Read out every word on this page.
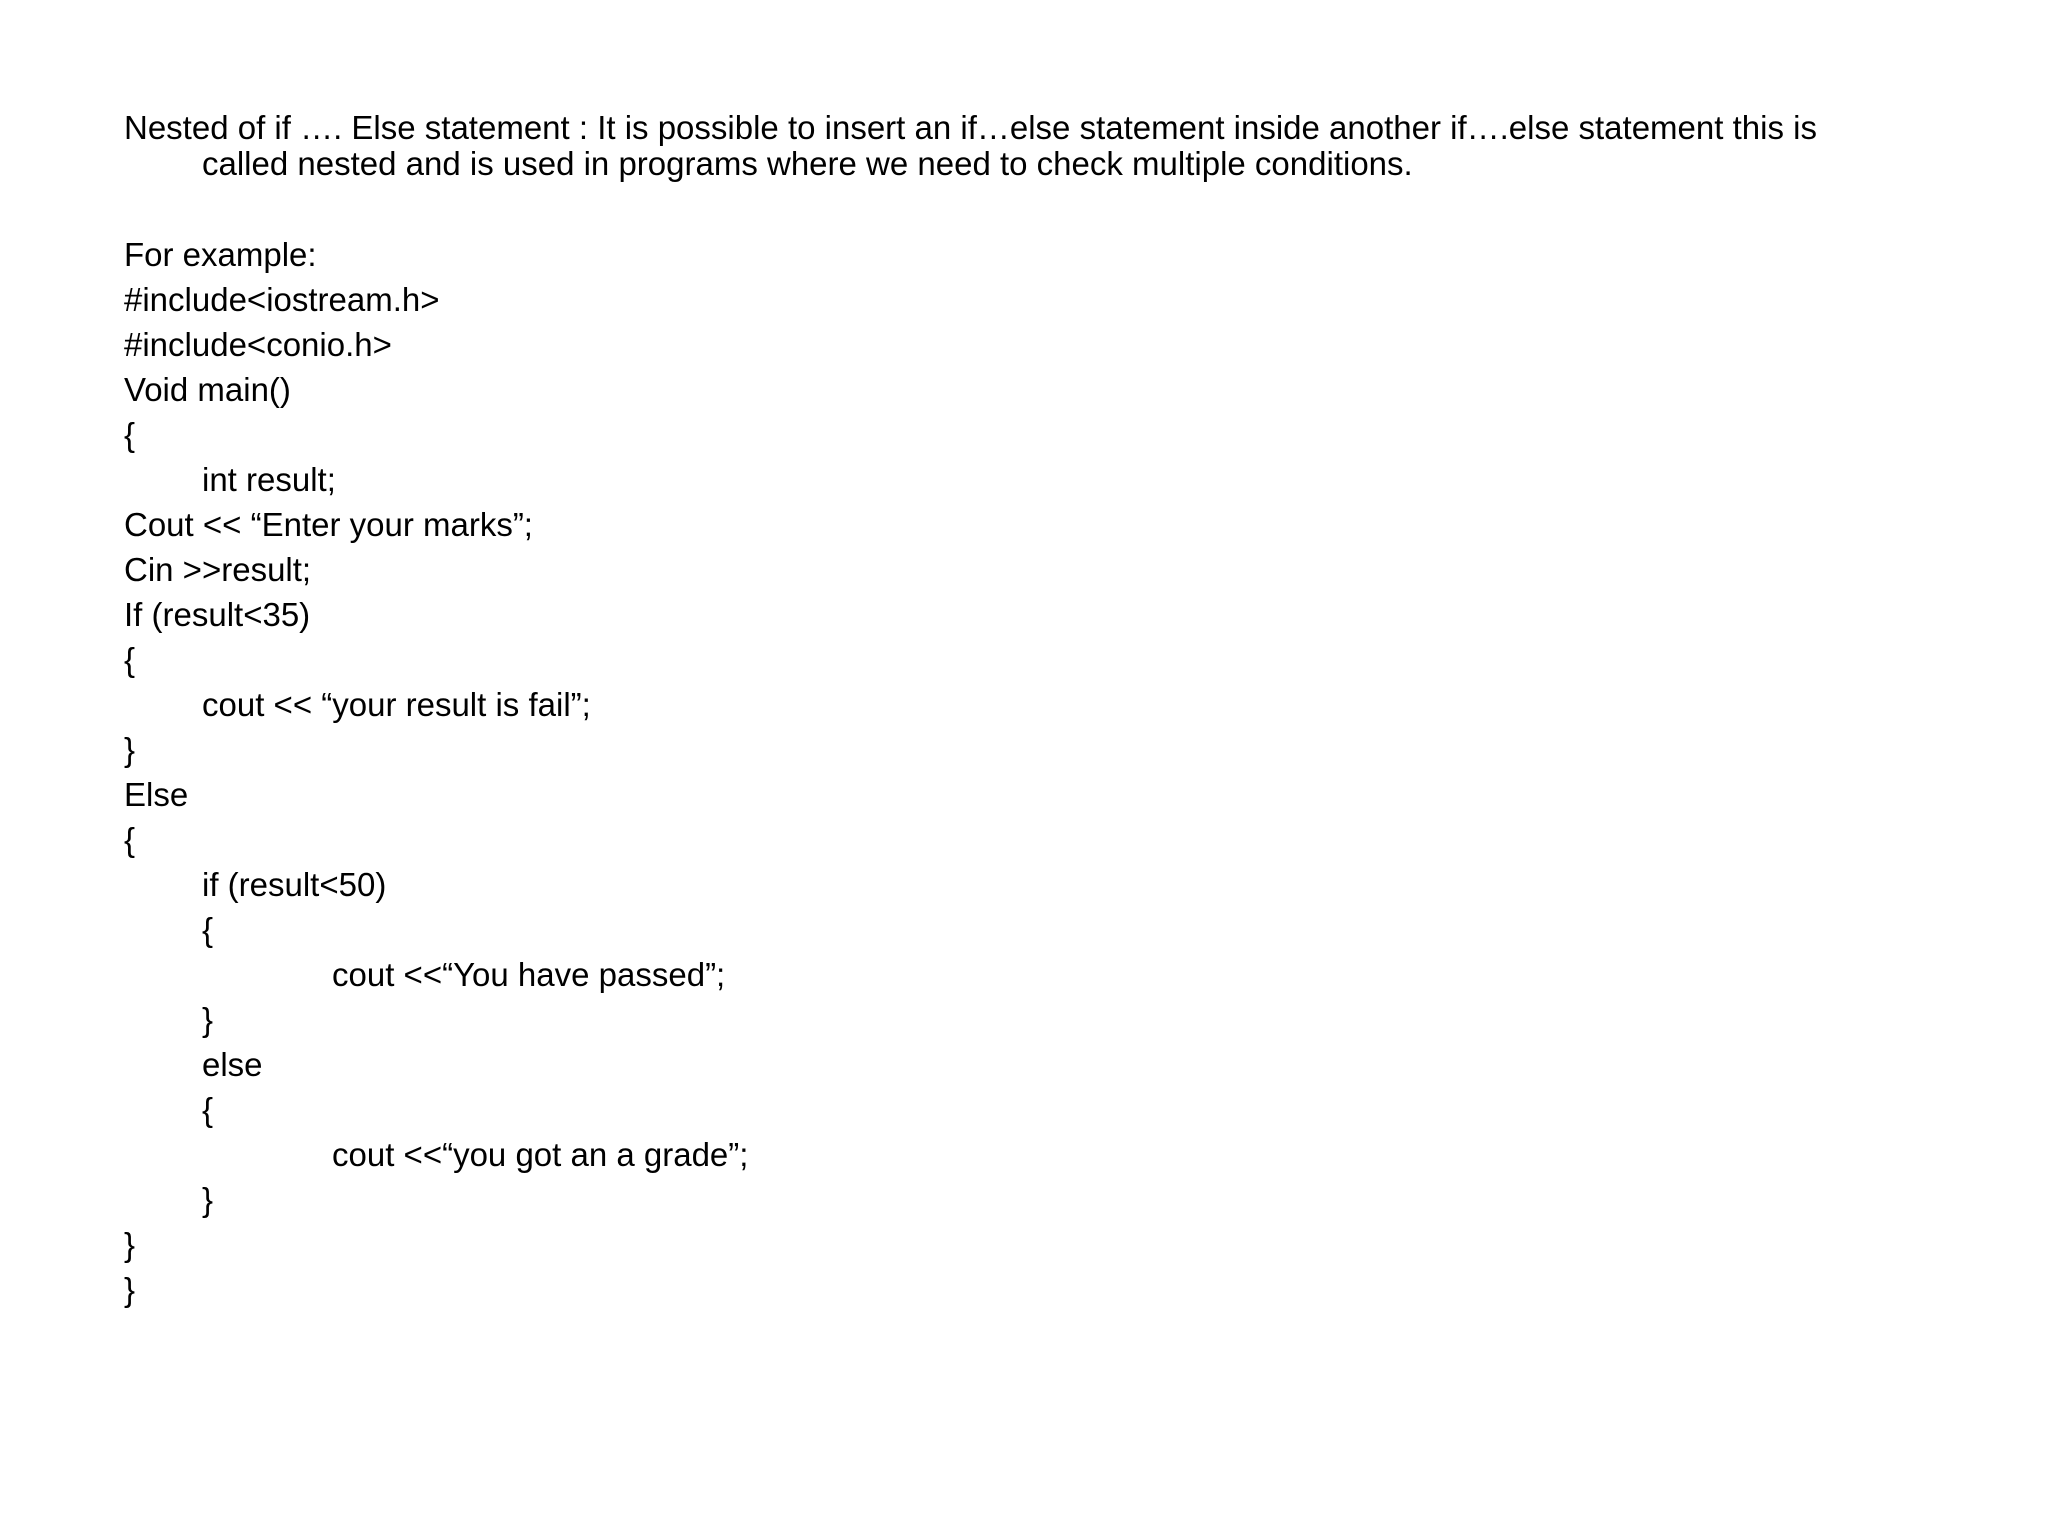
Nested of if …. Else statement : It is possible to insert an if…else statement inside another if….else statement this is
called nested and is used in programs where we need to check multiple conditions.
For example:
#include<iostream.h>
#include<conio.h>
Void main()
{
int result;
Cout << “Enter your marks”;
Cin >>result;
If (result<35)
{
cout << “your result is fail”;
}
Else
{
if (result<50)
{
cout <<“You have passed”;
}
else
{
cout <<“you got an a grade”;
}
}
}
